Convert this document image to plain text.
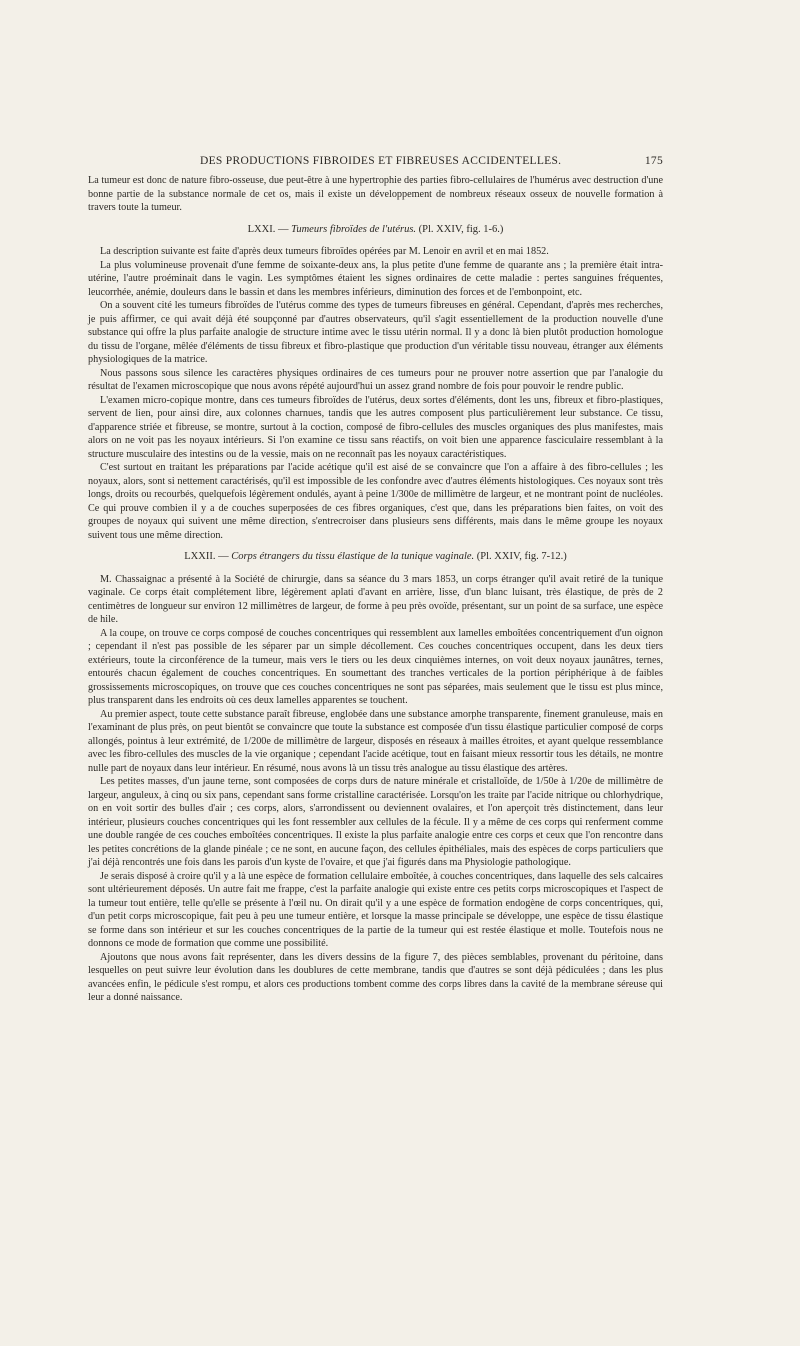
DES PRODUCTIONS FIBROIDES ET FIBREUSES ACCIDENTELLES.	175

La tumeur est donc de nature fibro-osseuse, due peut-être à une hypertrophie des parties fibro-cellulaires de l'humérus avec destruction d'une bonne partie de la substance normale de cet os, mais il existe un développement de nombreux réseaux osseux de nouvelle formation à travers toute la tumeur.

LXXI. — Tumeurs fibroïdes de l'utérus. (Pl. XXIV, fig. 1-6.)

La description suivante est faite d'après deux tumeurs fibroïdes opérées par M. Lenoir en avril et en mai 1852.

La plus volumineuse provenait d'une femme de soixante-deux ans, la plus petite d'une femme de quarante ans ; la première était intra-utérine, l'autre proéminait dans le vagin. Les symptômes étaient les signes ordinaires de cette maladie : pertes sanguines fréquentes, leucorrhée, anémie, douleurs dans le bassin et dans les membres inférieurs, diminution des forces et de l'embonpoint, etc.

On a souvent cité les tumeurs fibroïdes de l'utérus comme des types de tumeurs fibreuses en général. Cependant, d'après mes recherches, je puis affirmer, ce qui avait déjà été soupçonné par d'autres observateurs, qu'il s'agit essentiellement de la production nouvelle d'une substance qui offre la plus parfaite analogie de structure intime avec le tissu utérin normal. Il y a donc là bien plutôt production homologue du tissu de l'organe, mêlée d'éléments de tissu fibreux et fibro-plastique que production d'un véritable tissu nouveau, étranger aux éléments physiologiques de la matrice.

Nous passons sous silence les caractères physiques ordinaires de ces tumeurs pour ne prouver notre assertion que par l'analogie du résultat de l'examen microscopique que nous avons répété aujourd'hui un assez grand nombre de fois pour pouvoir le rendre public.

L'examen micro-copique montre, dans ces tumeurs fibroïdes de l'utérus, deux sortes d'éléments, dont les uns, fibreux et fibro-plastiques, servent de lien, pour ainsi dire, aux colonnes charnues, tandis que les autres composent plus particulièrement leur substance. Ce tissu, d'apparence striée et fibreuse, se montre, surtout à la coction, composé de fibro-cellules des muscles organiques des plus manifestes, mais alors on ne voit pas les noyaux intérieurs. Si l'on examine ce tissu sans réactifs, on voit bien une apparence fasciculaire ressemblant à la structure musculaire des intestins ou de la vessie, mais on ne reconnaît pas les noyaux caractéristiques.

C'est surtout en traitant les préparations par l'acide acétique qu'il est aisé de se convaincre que l'on a affaire à des fibro-cellules ; les noyaux, alors, sont si nettement caractérisés, qu'il est impossible de les confondre avec d'autres éléments histologiques. Ces noyaux sont très longs, droits ou recourbés, quelquefois légèrement ondulés, ayant à peine 1/300e de millimètre de largeur, et ne montrant point de nucléoles. Ce qui prouve combien il y a de couches superposées de ces fibres organiques, c'est que, dans les préparations bien faites, on voit des groupes de noyaux qui suivent une même direction, s'entrecroiser dans plusieurs sens différents, mais dans le même groupe les noyaux suivent tous une même direction.

LXXII. — Corps étrangers du tissu élastique de la tunique vaginale. (Pl. XXIV, fig. 7-12.)

M. Chassaignac a présenté à la Société de chirurgie, dans sa séance du 3 mars 1853, un corps étranger qu'il avait retiré de la tunique vaginale. Ce corps était complétement libre, légèrement aplati d'avant en arrière, lisse, d'un blanc luisant, très élastique, de près de 2 centimètres de longueur sur environ 12 millimètres de largeur, de forme à peu près ovoïde, présentant, sur un point de sa surface, une espèce de hile.

A la coupe, on trouve ce corps composé de couches concentriques qui ressemblent aux lamelles emboîtées concentriquement d'un oignon ; cependant il n'est pas possible de les séparer par un simple décollement. Ces couches concentriques occupent, dans les deux tiers extérieurs, toute la circonférence de la tumeur, mais vers le tiers ou les deux cinquièmes internes, on voit deux noyaux jaunâtres, ternes, entourés chacun également de couches concentriques. En soumettant des tranches verticales de la portion périphérique à de faibles grossissements microscopiques, on trouve que ces couches concentriques ne sont pas séparées, mais seulement que le tissu est plus mince, plus transparent dans les endroits où ces deux lamelles apparentes se touchent.

Au premier aspect, toute cette substance paraît fibreuse, englobée dans une substance amorphe transparente, finement granuleuse, mais en l'examinant de plus près, on peut bientôt se convaincre que toute la substance est composée d'un tissu élastique particulier composé de corps allongés, pointus à leur extrémité, de 1/200e de millimètre de largeur, disposés en réseaux à mailles étroites, et ayant quelque ressemblance avec les fibro-cellules des muscles de la vie organique ; cependant l'acide acétique, tout en faisant mieux ressortir tous les détails, ne montre nulle part de noyaux dans leur intérieur. En résumé, nous avons là un tissu très analogue au tissu élastique des artères.

Les petites masses, d'un jaune terne, sont composées de corps durs de nature minérale et cristalloïde, de 1/50e à 1/20e de millimètre de largeur, anguleux, à cinq ou six pans, cependant sans forme cristalline caractérisée. Lorsqu'on les traite par l'acide nitrique ou chlorhydrique, on en voit sortir des bulles d'air ; ces corps, alors, s'arrondissent ou deviennent ovalaires, et l'on aperçoit très distinctement, dans leur intérieur, plusieurs couches concentriques qui les font ressembler aux cellules de la fécule. Il y a même de ces corps qui renferment comme une double rangée de ces couches emboîtées concentriques. Il existe la plus parfaite analogie entre ces corps et ceux que l'on rencontre dans les petites concrétions de la glande pinéale ; ce ne sont, en aucune façon, des cellules épithéliales, mais des espèces de corps particuliers que j'ai déjà rencontrés une fois dans les parois d'un kyste de l'ovaire, et que j'ai figurés dans ma Physiologie pathologique.

Je serais disposé à croire qu'il y a là une espèce de formation cellulaire emboîtée, à couches concentriques, dans laquelle des sels calcaires sont ultérieurement déposés. Un autre fait me frappe, c'est la parfaite analogie qui existe entre ces petits corps microscopiques et l'aspect de la tumeur tout entière, telle qu'elle se présente à l'œil nu. On dirait qu'il y a une espèce de formation endogène de corps concentriques, qui, d'un petit corps microscopique, fait peu à peu une tumeur entière, et lorsque la masse principale se développe, une espèce de tissu élastique se forme dans son intérieur et sur les couches concentriques de la partie de la tumeur qui est restée élastique et molle. Toutefois nous ne donnons ce mode de formation que comme une possibilité.

Ajoutons que nous avons fait représenter, dans les divers dessins de la figure 7, des pièces semblables, provenant du péritoine, dans lesquelles on peut suivre leur évolution dans les doublures de cette membrane, tandis que d'autres se sont déjà pédiculées ; dans les plus avancées enfin, le pédicule s'est rompu, et alors ces productions tombent comme des corps libres dans la cavité de la membrane séreuse qui leur a donné naissance.
